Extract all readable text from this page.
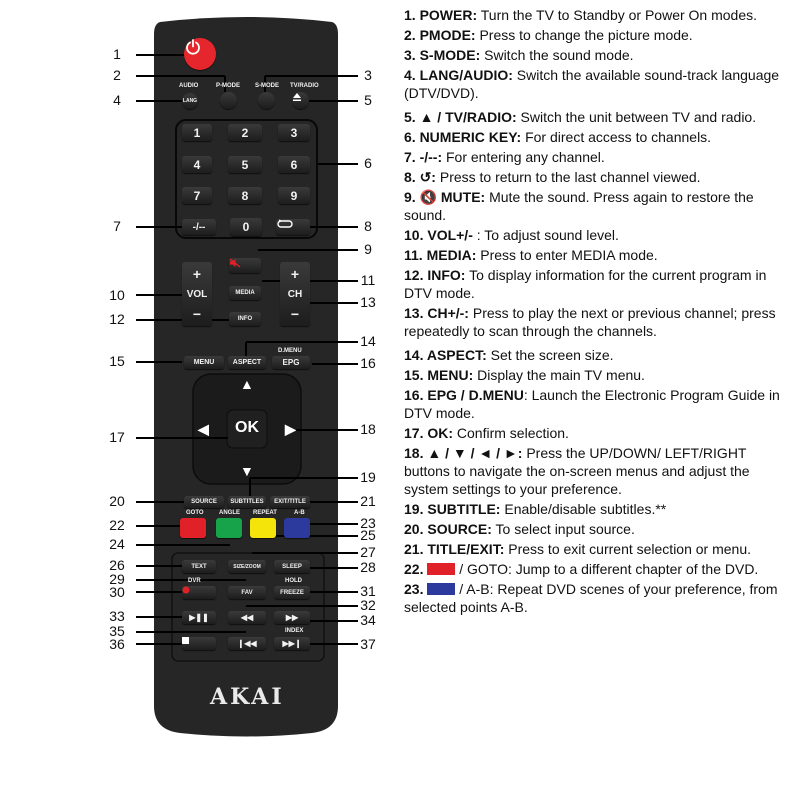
AUDIO	P-MODE	S-MODE TV/RADIO
LANG
1	2	3
4	5	6
7	8	9
0
-/--
+
VOL
−
+
CH
−
MEDIA
INFO
D.MENU
MENU	ASPECT	EPG
▲
◀	▶
▼
OK
SOURCE	SUBTITLES	EXIT/TITLE
GOTO	ANGLE REPEAT	A-B
TEXT	SIZE/ZOOM	SLEEP
DVR	HOLD
FAV	FREEZE
▶❚❚	◀◀	▶▶
INDEX
❙◀◀	▶▶❙
AKAI
1
2	3
4	5
6
7	8
9
10
11
12
13
14
15	16
17	18
19
20	21
22	23
24
25
26
27
28
29
30	31
32
33	34
35
36	37
1. POWER: Turn the TV to Standby or Power On modes.
2. PMODE: Press to change the picture mode.
3. S-MODE: Switch the sound mode.
4. LANG/AUDIO: Switch the available sound-track language (DTV/DVD).
5. ▲ / TV/RADIO: Switch the unit between TV and radio.
6. NUMERIC KEY: For direct access to channels.
7. -/--: For entering any channel.
8. ↺: Press to return to the last channel viewed.
9. 🔇 MUTE: Mute the sound. Press again to restore the sound.
10. VOL+/- : To adjust sound level.
11. MEDIA: Press to enter MEDIA mode.
12. INFO: To display information for the current program in DTV mode.
13. CH+/-: Press to play the next or previous channel; press repeatedly to scan through the channels.
14. ASPECT: Set the screen size.
15. MENU: Display the main TV menu.
16. EPG / D.MENU: Launch the Electronic Program Guide in DTV mode.
17. OK: Confirm selection.
18. ▲ / ▼ / ◄ / ►: Press the UP/DOWN/ LEFT/RIGHT buttons to navigate the on-screen menus and adjust the system settings to your preference.
19. SUBTITLE: Enable/disable subtitles.**
20. SOURCE: To select input source.
21. TITLE/EXIT: Press to exit current selection or menu.
22.  / GOTO: Jump to a different chapter of the DVD.
23.  / A-B: Repeat DVD scenes of your preference, from selected points A-B.
